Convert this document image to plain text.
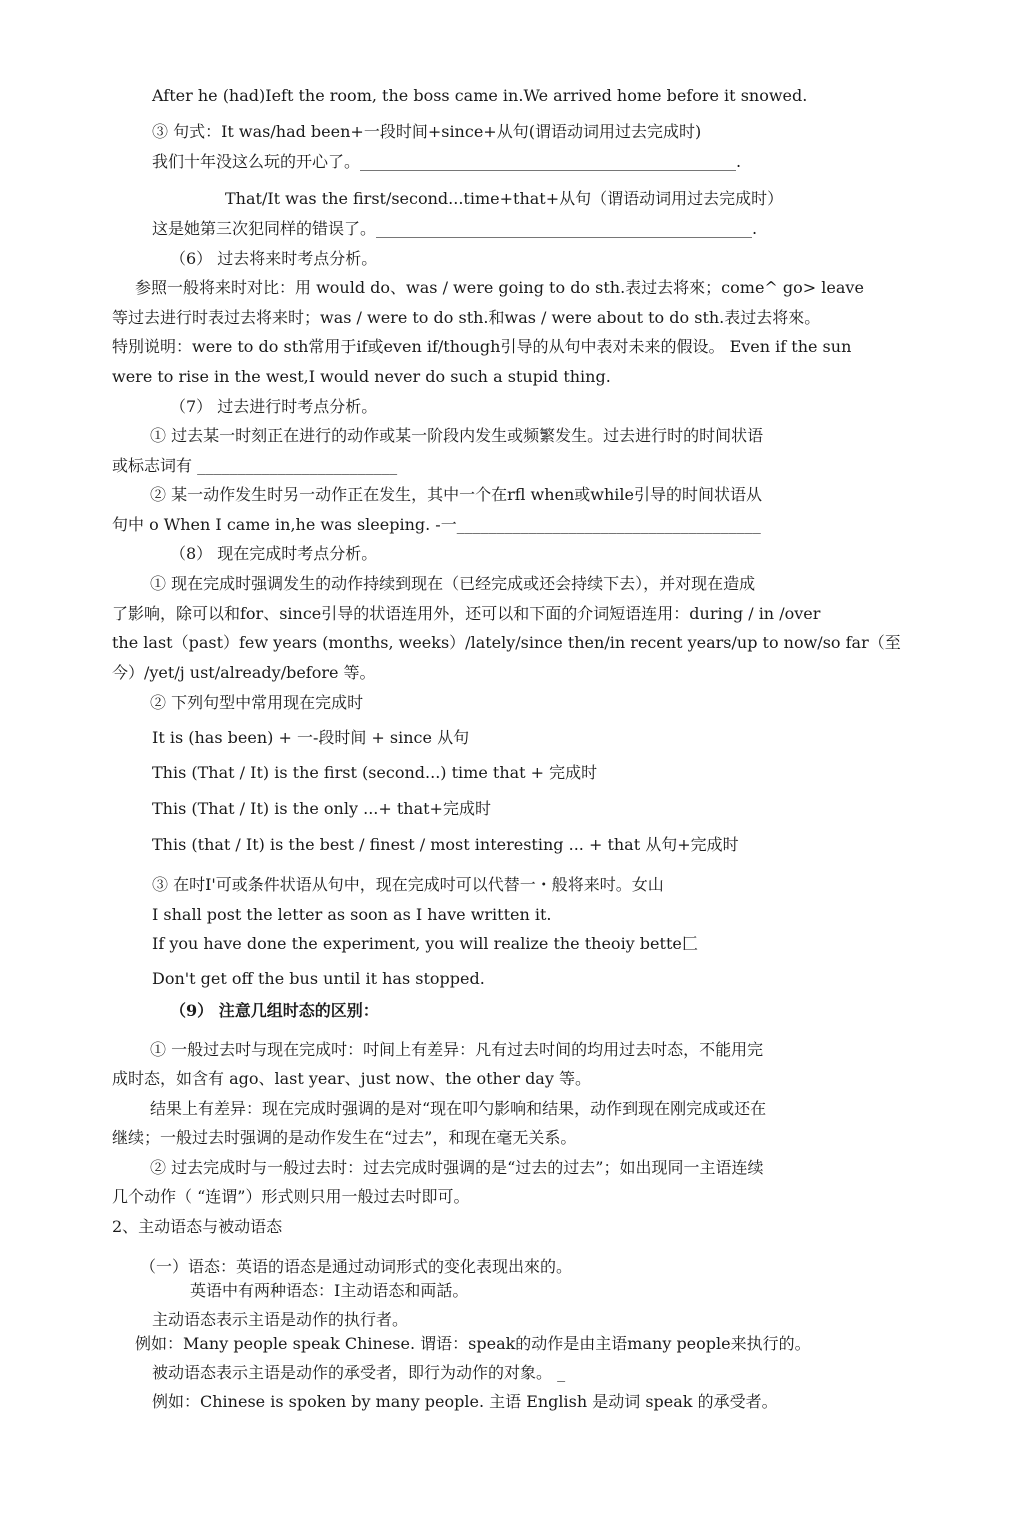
After he (had)Ieft the room, the boss came in.We arrived home before it snowed.
③ 句式：It was/had been+一段时间+since+从句(谓语动词用过去完成时)
我们十年没这么玩的开心了。_______________________________________________.
That/It was the first/second...time+that+从句（谓语动词用过去完成时）
这是她第三次犯同样的错误了。_______________________________________________.
（6） 过去将来时考点分析。
参照一般将来时对比：用 would do、was / were going to do sth.表过去将來；come^ go> leave
等过去进行时表过去将来时；was / were to do sth.和was / were about to do sth.表过去将來。
特別说明：were to do sth常用于if或even if/though引导的从句中表对未来的假设。 Even if the sun
were to rise in the west,I would never do such a stupid thing.
（7） 过去进行时考点分析。
① 过去某一时刻正在进行的动作或某一阶段内发生或频繁发生。过去进行时的时间状语
或标志词有 _________________________
② 某一动作发生时另一动作正在发生，其中一个在rfl when或while引导的时间状语从
句中 o When I came in,he was sleeping. -一______________________________________
（8） 现在完成时考点分析。
① 现在完成时强调发生的动作持续到现在（已经完成或还会持续下去），并对现在造成
了影响，除可以和for、since引导的状语连用外，还可以和下面的介词短语连用：during / in /over
the last（past）few years (months, weeks）/lately/since then/in recent years/up to now/so far（至
今）/yet/j ust/already/before 等。
② 下列句型中常用现在完成时
It is (has been) + 一-段时间 + since 从句
This (That / It) is the first (second...) time that + 完成时
This (That / It) is the only ...+ that+完成时
This (that / It) is the best / finest / most interesting ... + that 从句+完成时
③ 在吋I'可或条件状语从句中，现在完成吋可以代替一・般将来吋。女山
I shall post the letter as soon as I have written it.
If you have done the experiment, you will realize the theoiy bette匚
Don't get off the bus until it has stopped.
（9） 注意几组时态的区别：
① 一般过去吋与现在完成吋：吋间上有差异：凡有过去吋间的均用过去吋态，不能用完
成时态，如含有 ago、last year、just now、the other day 等。
结果上有差异：现在完成时强调的是对“现在叩勺影响和结果，动作到现在刚完成或还在
继续；一般过去时强调的是动作发生在“过去”，和现在毫无关系。
② 过去完成时与一般过去时：过去完成时强调的是“过去的过去”；如出现同一主语连续
几个动作（ “连谓”）形式则只用一般过去吋即可。
2、主动语态与被动语态
（一）语态：英语的语态是通过动词形式的变化表现出來的。
英语中有两种语态：I主动语态和両話。
主动语态表示主语是动作的执行者。
例如：Many people speak Chinese. 谓语：speak的动作是由主语many people来执行的。
被动语态表示主语是动作的承受者，即行为动作的对象。 _
例如：Chinese is spoken by many people. 主语 English 是动词 speak 的承受者。
